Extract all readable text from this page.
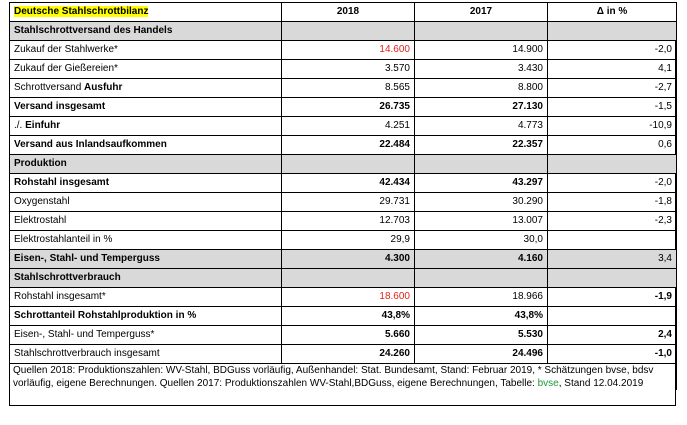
Deutsche Stahlschrottbilanz	2018	2017	Δ in %
Stahlschrottversand des Handels			
Zukauf der Stahlwerke*	14.600	14.900	-2,0
Zukauf der Gießereien*	3.570	3.430	4,1
Schrottversand Ausfuhr	8.565	8.800	-2,7
Versand insgesamt	26.735	27.130	-1,5
./. Einfuhr	4.251	4.773	-10,9
Versand aus Inlandsaufkommen	22.484	22.357	0,6
Produktion			
Rohstahl insgesamt	42.434	43.297	-2,0
Oxygenstahl	29.731	30.290	-1,8
Elektrostahl	12.703	13.007	-2,3
Elektrostahlanteil in %	29,9	30,0	
Eisen-, Stahl- und Temperguss	4.300	4.160	3,4
Stahlschrottverbrauch			
Rohstahl insgesamt*	18.600	18.966	-1,9
Schrottanteil Rohstahlproduktion in %	43,8%	43,8%	
Eisen-, Stahl- und Temperguss*	5.660	5.530	2,4
Stahlschrottverbrauch insgesamt	24.260	24.496	-1,0
Quellen 2018: Produktionszahlen: WV-Stahl, BDGuss vorläufig, Außenhandel: Stat. Bundesamt, Stand: Februar 2019, * Schätzungen bvse, bdsv vorläufig, eigene Berechnungen. Quellen 2017: Produktionszahlen WV-Stahl,BDGuss, eigene Berechnungen, Tabelle: bvse, Stand 12.04.2019			
